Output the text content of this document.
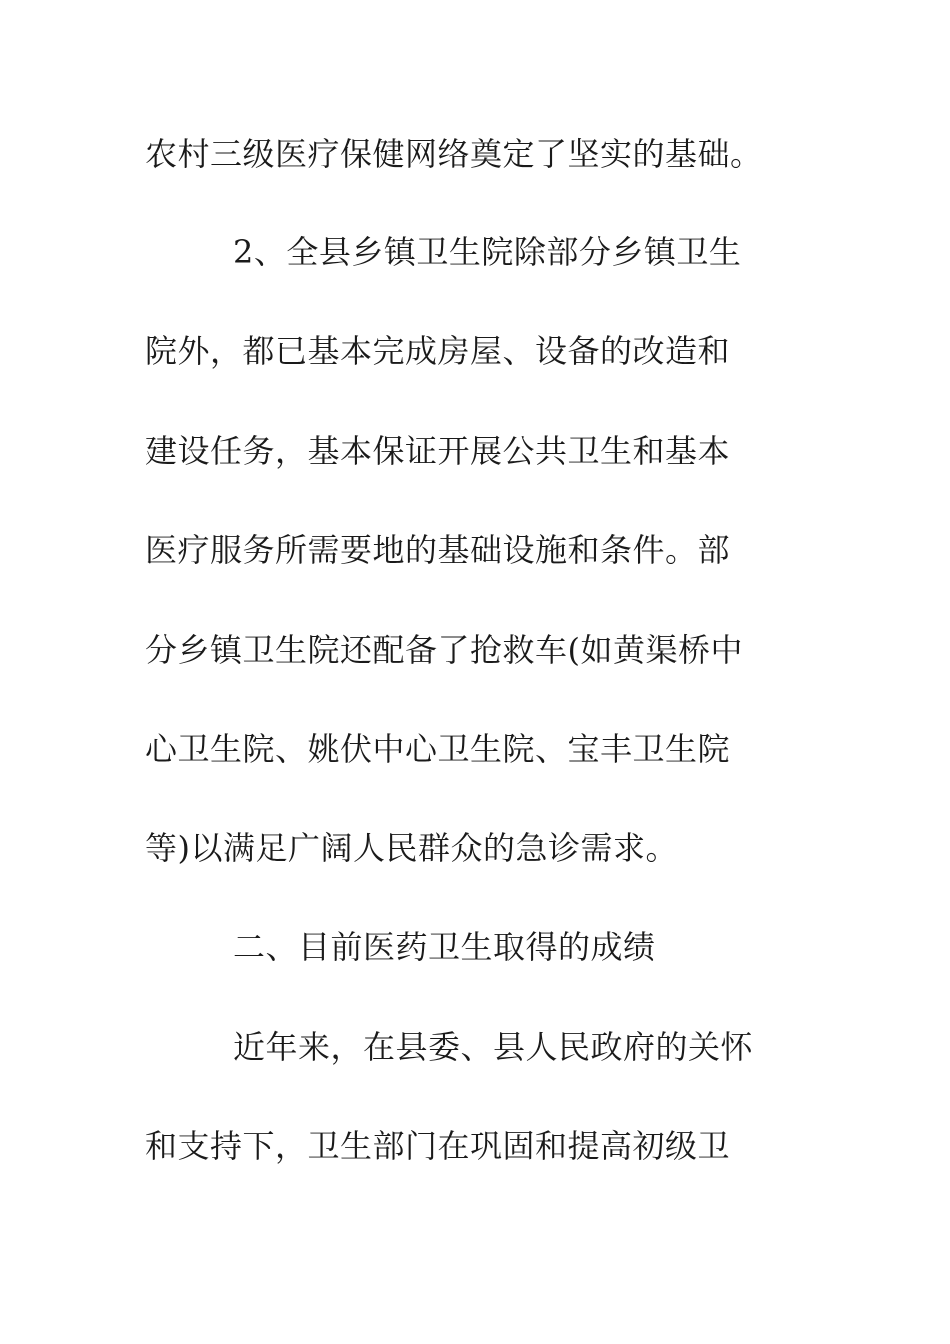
农村三级医疗保健网络奠定了坚实的基础。
2、全县乡镇卫生院除部分乡镇卫生
院外，都已基本完成房屋、设备的改造和
建设任务，基本保证开展公共卫生和基本
医疗服务所需要地的基础设施和条件。部
分乡镇卫生院还配备了抢救车(如黄渠桥中
心卫生院、姚伏中心卫生院、宝丰卫生院
等)以满足广阔人民群众的急诊需求。
二、目前医药卫生取得的成绩
近年来，在县委、县人民政府的关怀
和支持下，卫生部门在巩固和提高初级卫
